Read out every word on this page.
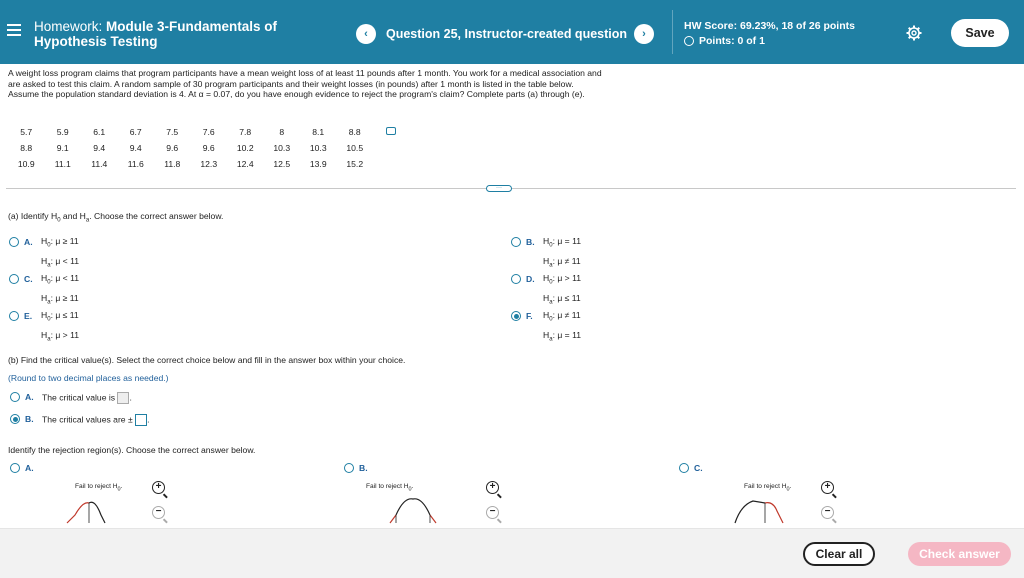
Homework: Module 3-Fundamentals of
Hypothesis Testing	‹	Question 25, Instructor-created question	›
HW Score: 69.23%, 18 of 26 points
Points: 0 of 1
Save
A weight loss program claims that program participants have a mean weight loss of at least 11 pounds after 1 month. You work for a medical association and are asked to test this claim. A random sample of 30 program participants and their weight losses (in pounds) after 1 month is listed in the table below. Assume the population standard deviation is 4. At α = 0.07, do you have enough evidence to reject the program's claim? Complete parts (a) through (e).
5.7	5.9	6.1	6.7	7.5	7.6	7.8	8	8.1	8.8
8.8	9.1	9.4	9.4	9.6	9.6	10.2	10.3	10.3	10.5
10.9	11.1	11.4	11.6	11.8	12.3	12.4	12.5	13.9	15.2
···
(a) Identify $H_0$ and $H_a$. Choose the correct answer below.
A. $H_0$: μ ≥ 11
$H_a$: μ < 11
B. $H_0$: μ = 11
$H_a$: μ ≠ 11
C. $H_0$: μ < 11
$H_a$: μ ≥ 11
D. $H_0$: μ > 11
$H_a$: μ ≤ 11
E. $H_0$: μ ≤ 11
$H_a$: μ > 11
F. $H_0$: μ ≠ 11
$H_a$: μ = 11
(b) Find the critical value(s). Select the correct choice below and fill in the answer box within your choice.
(Round to two decimal places as needed.)
A. The critical value is .
B. The critical values are ± .
Identify the rejection region(s). Choose the correct answer below.
A.	B.	C.
Fail to reject $H_0$.	+
−
Fail to reject $H_0$.	+
−
Fail to reject $H_0$.	+
−
Clear all	Check answer
